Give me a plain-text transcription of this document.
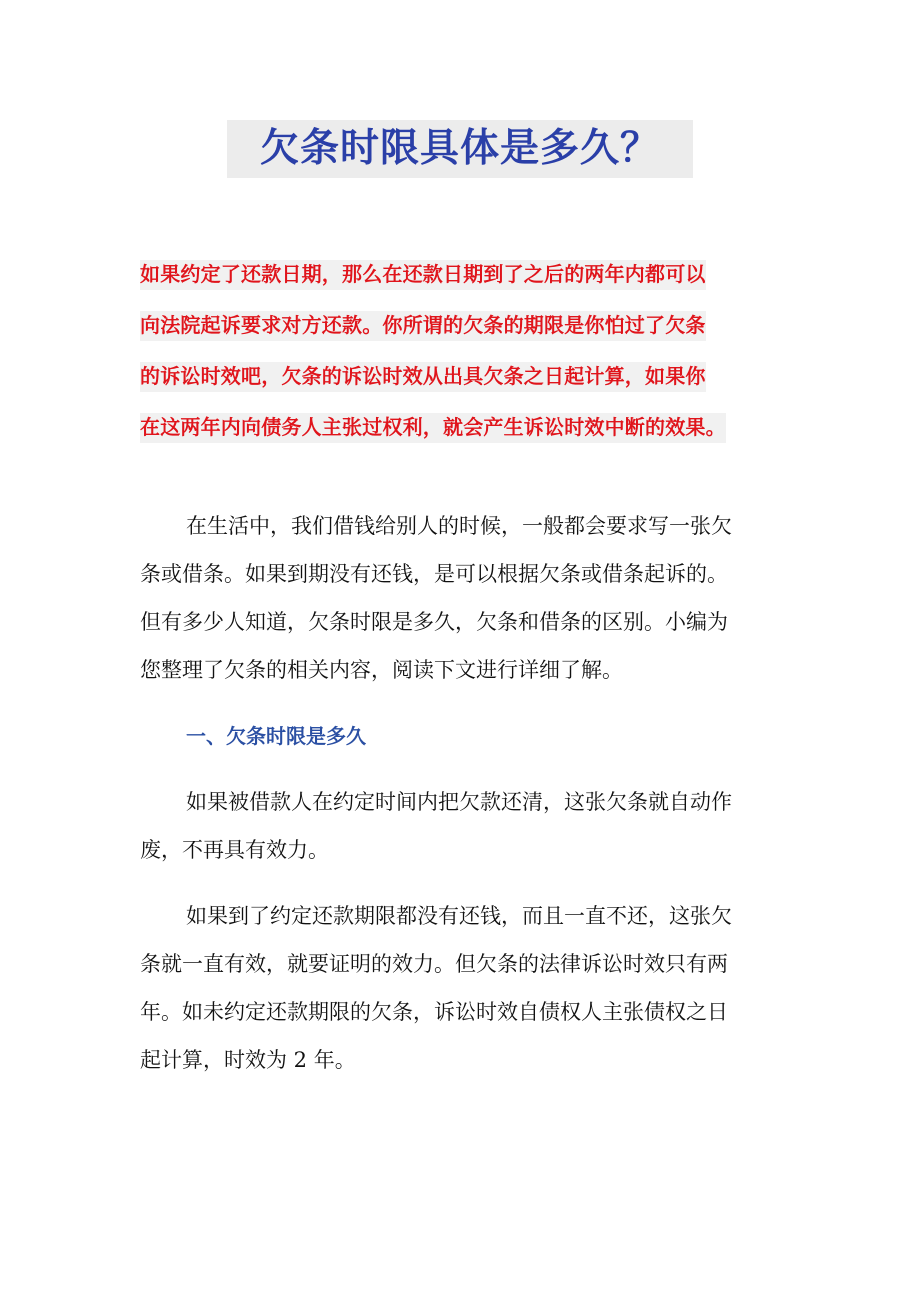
欠条时限具体是多久？
如果约定了还款日期，那么在还款日期到了之后的两年内都可以
向法院起诉要求对方还款。你所谓的欠条的期限是你怕过了欠条
的诉讼时效吧，欠条的诉讼时效从出具欠条之日起计算，如果你
在这两年内向债务人主张过权利，就会产生诉讼时效中断的效果。
在生活中，我们借钱给别人的时候，一般都会要求写一张欠
条或借条。如果到期没有还钱，是可以根据欠条或借条起诉的。
但有多少人知道，欠条时限是多久，欠条和借条的区别。小编为
您整理了欠条的相关内容，阅读下文进行详细了解。
一、欠条时限是多久
如果被借款人在约定时间内把欠款还清，这张欠条就自动作
废，不再具有效力。
如果到了约定还款期限都没有还钱，而且一直不还，这张欠
条就一直有效，就要证明的效力。但欠条的法律诉讼时效只有两
年。如未约定还款期限的欠条，诉讼时效自债权人主张债权之日
起计算，时效为 2 年。
